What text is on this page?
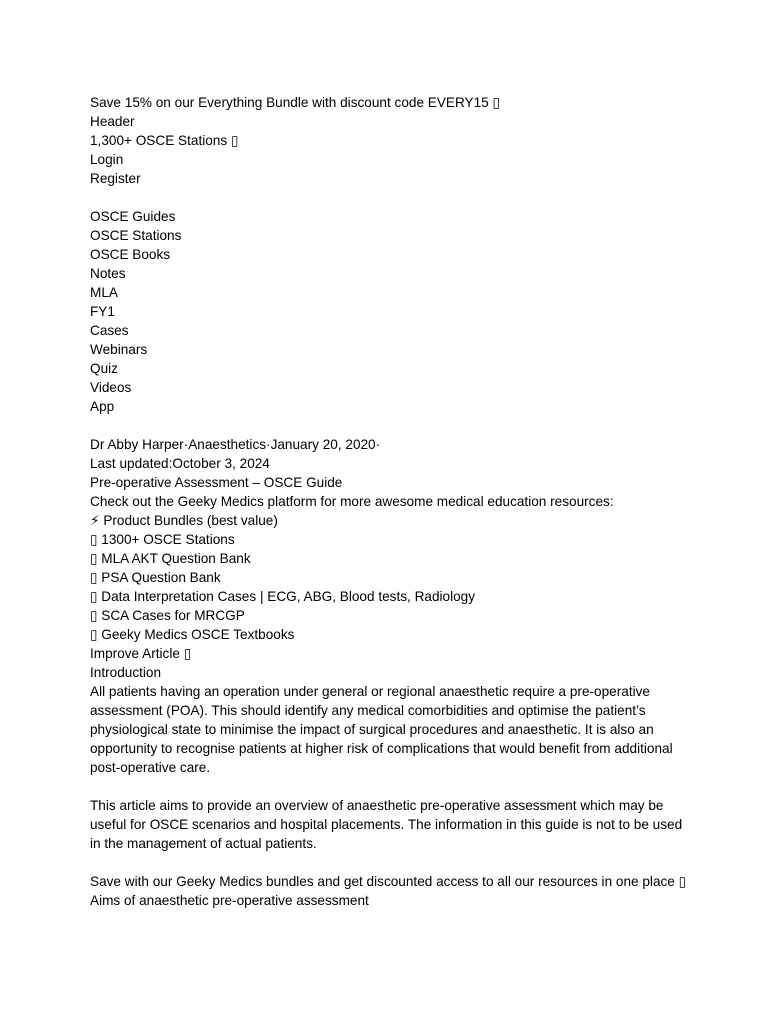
Save 15% on our Everything Bundle with discount code EVERY15 ▯
Header
1,300+ OSCE Stations ▯
Login
Register
OSCE Guides
OSCE Stations
OSCE Books
Notes
MLA
FY1
Cases
Webinars
Quiz
Videos
App
Dr Abby Harper·Anaesthetics·January 20, 2020·
Last updated:October 3, 2024
Pre-operative Assessment – OSCE Guide
Check out the Geeky Medics platform for more awesome medical education resources:
⚡ Product Bundles (best value)
▯ 1300+ OSCE Stations
▯ MLA AKT Question Bank
▯ PSA Question Bank
▯ Data Interpretation Cases | ECG, ABG, Blood tests, Radiology
▯ SCA Cases for MRCGP
▯ Geeky Medics OSCE Textbooks
Improve Article ▯
Introduction

All patients having an operation under general or regional anaesthetic require a pre-operative assessment (POA). This should identify any medical comorbidities and optimise the patient’s physiological state to minimise the impact of surgical procedures and anaesthetic. It is also an opportunity to recognise patients at higher risk of complications that would benefit from additional post-operative care.

This article aims to provide an overview of anaesthetic pre-operative assessment which may be useful for OSCE scenarios and hospital placements. The information in this guide is not to be used in the management of actual patients.

Save with our Geeky Medics bundles and get discounted access to all our resources in one place ▯
Aims of anaesthetic pre-operative assessment
